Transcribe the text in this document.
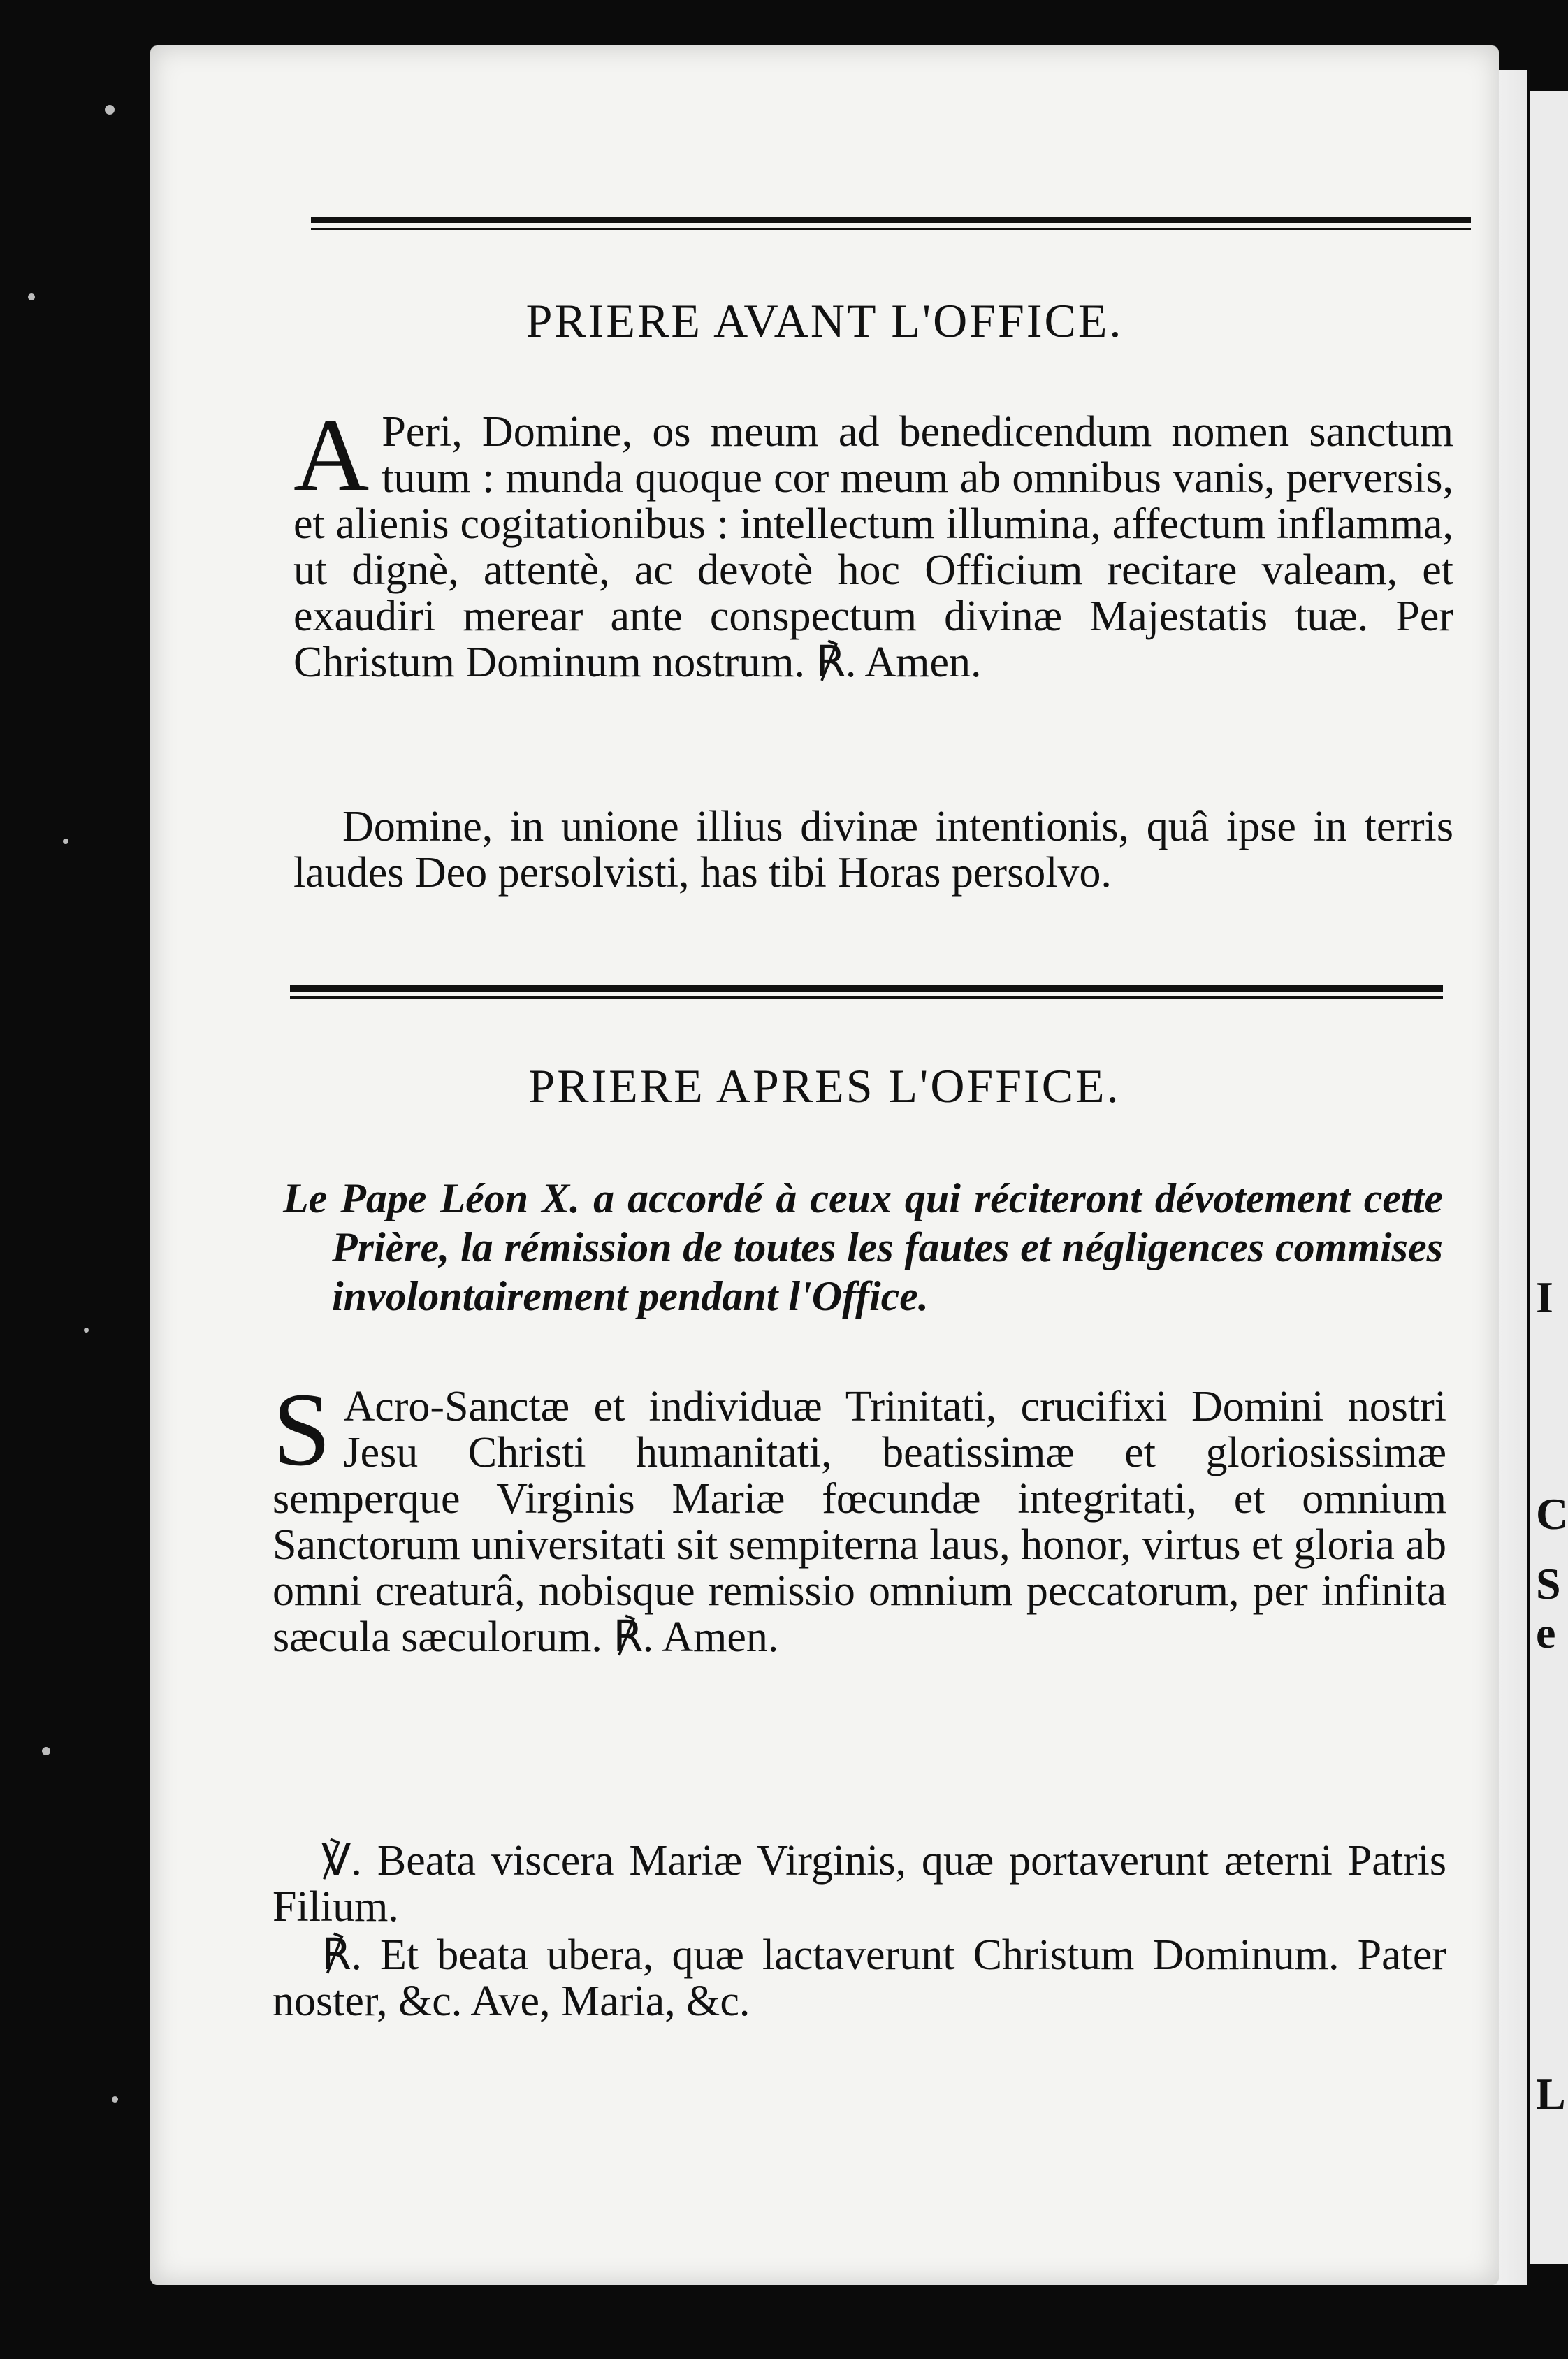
I
C
S
e
L
PRIERE AVANT L'OFFICE.
A Peri, Domine, os meum ad benedicendum nomen sanctum tuum : munda quoque cor meum ab omnibus vanis, perversis, et alienis cogitationibus : intellectum illumina, affectum inflamma, ut dignè, attentè, ac devotè hoc Officium recitare valeam, et exaudiri merear ante conspectum divinæ Majestatis tuæ. Per Christum Dominum nostrum. ℟. Amen.
Domine, in unione illius divinæ intentionis, quâ ipse in terris laudes Deo persolvisti, has tibi Horas persolvo.
PRIERE APRES L'OFFICE.
Le Pape Léon X. a accordé à ceux qui réciteront dévotement cette Prière, la rémission de toutes les fautes et négligences commises involontairement pendant l'Office.
S Acro-Sanctæ et individuæ Trinitati, crucifixi Domini nostri Jesu Christi humanitati, beatissimæ et gloriosissimæ semperque Virginis Mariæ fœcundæ integritati, et omnium Sanctorum universitati sit sempiterna laus, honor, virtus et gloria ab omni creaturâ, nobisque remissio omnium peccatorum, per infinita sæcula sæculorum. ℟. Amen.
℣. Beata viscera Mariæ Virginis, quæ portaverunt æterni Patris Filium.
℟. Et beata ubera, quæ lactaverunt Christum Dominum. Pater noster, &c. Ave, Maria, &c.
